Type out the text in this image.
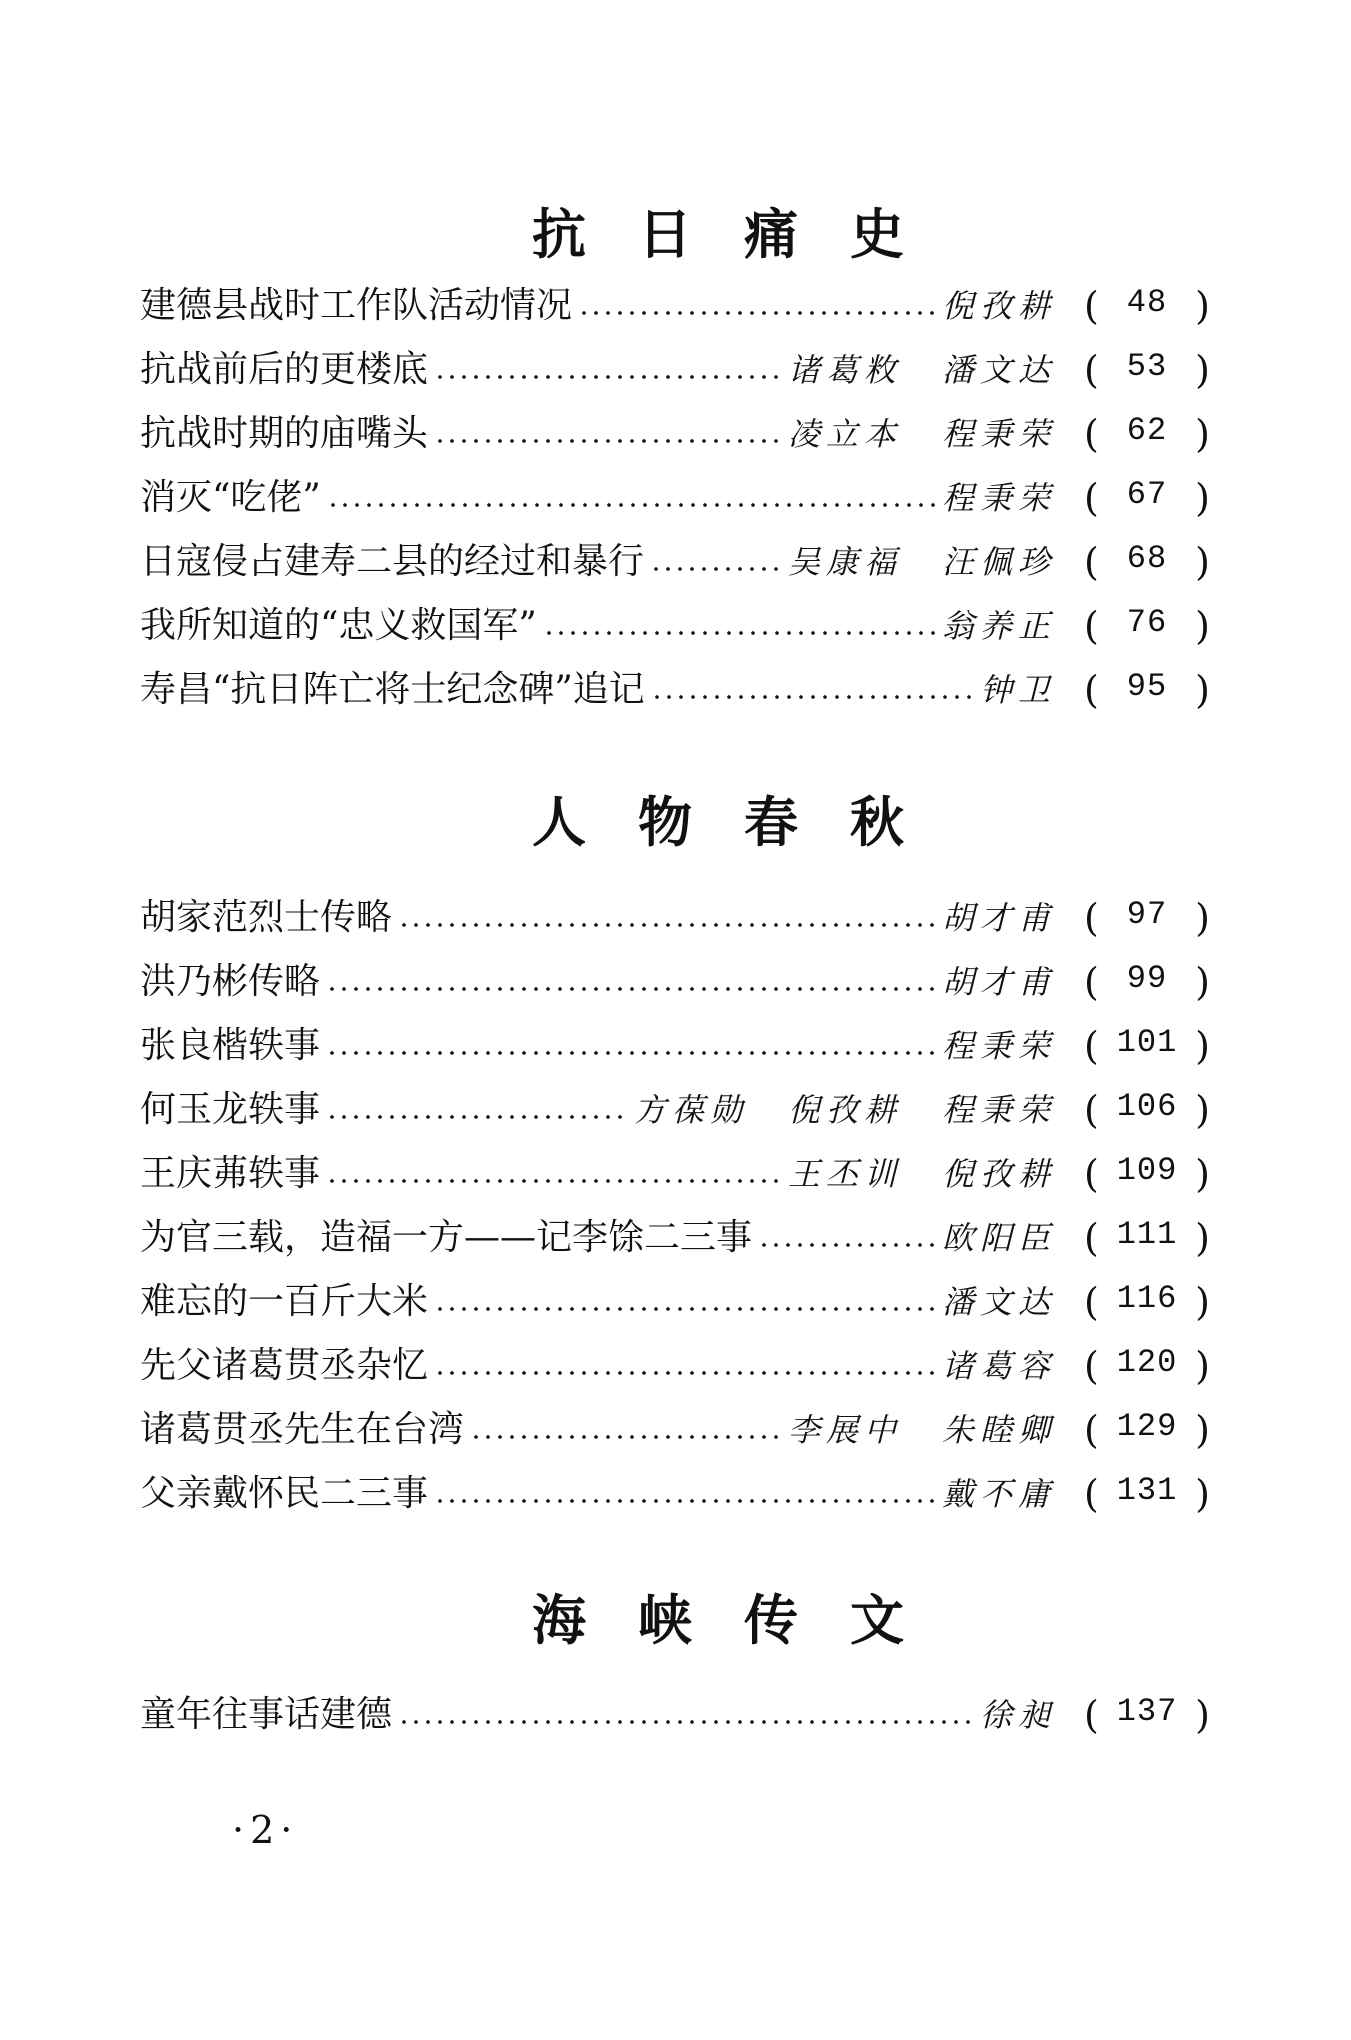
抗日痛史
建德县战时工作队活动情况	倪孜耕 ( 48 )
抗战前后的更楼底	诸葛敉 潘文达 ( 53 )
抗战时期的庙嘴头	凌立本 程秉荣 ( 62 )
消灭“吃佬”	程秉荣 ( 67 )
日寇侵占建寿二县的经过和暴行	吴康福 汪佩珍 ( 68 )
我所知道的“忠义救国军”	翁养正 ( 76 )
寿昌“抗日阵亡将士纪念碑”追记	钟卫 ( 95 )
人物春秋
胡家范烈士传略	胡才甫 ( 97 )
洪乃彬传略	胡才甫 ( 99 )
张良楷轶事	程秉荣 ( 101 )
何玉龙轶事	方葆勋 倪孜耕 程秉荣 ( 106 )
王庆茀轶事	王丕训 倪孜耕 ( 109 )
为官三载，造福一方——记李馀二三事	欧阳臣 ( 111 )
难忘的一百斤大米	潘文达 ( 116 )
先父诸葛贯丞杂忆	诸葛容 ( 120 )
诸葛贯丞先生在台湾	李展中 朱睦卿 ( 129 )
父亲戴怀民二三事	戴不庸 ( 131 )
海峡传文
童年往事话建德	徐昶 ( 137 )
·2·
